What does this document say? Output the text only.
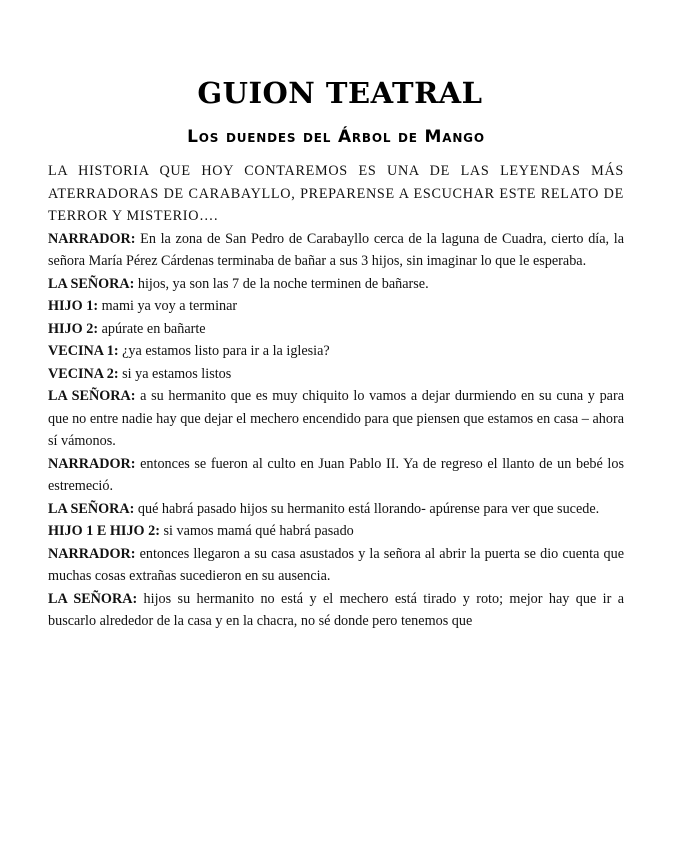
GUION TEATRAL
Los duendes del Árbol de Mango

LA HISTORIA QUE HOY CONTAREMOS ES UNA DE LAS LEYENDAS MÁS ATERRADORAS DE CARABAYLLO, PREPARENSE A ESCUCHAR ESTE RELATO DE TERROR Y MISTERIO….

NARRADOR: En la zona de San Pedro de Carabayllo cerca de la laguna de Cuadra, cierto día, la señora María Pérez Cárdenas terminaba de bañar a sus 3 hijos, sin imaginar lo que le esperaba.

LA SEÑORA: hijos, ya son las 7 de la noche terminen de bañarse.

HIJO 1: mami ya voy a terminar

HIJO 2: apúrate en bañarte

VECINA 1: ¿ya estamos listo para ir a la iglesia?

VECINA 2: si ya estamos listos

LA SEÑORA: a su hermanito que es muy chiquito lo vamos a dejar durmiendo en su cuna y para que no entre nadie hay que dejar el mechero encendido para que piensen que estamos en casa – ahora sí vámonos.

NARRADOR: entonces se fueron al culto en Juan Pablo II. Ya de regreso el llanto de un bebé los estremeció.

LA SEÑORA: qué habrá pasado hijos su hermanito está llorando- apúrense para ver que sucede.

HIJO 1 E HIJO 2: si vamos mamá qué habrá pasado

NARRADOR: entonces llegaron a su casa asustados y la señora al abrir la puerta se dio cuenta que muchas cosas extrañas sucedieron en su ausencia.

LA SEÑORA: hijos su hermanito no está y el mechero está tirado y roto; mejor hay que ir a buscarlo alrededor de la casa y en la chacra, no sé donde pero tenemos que
